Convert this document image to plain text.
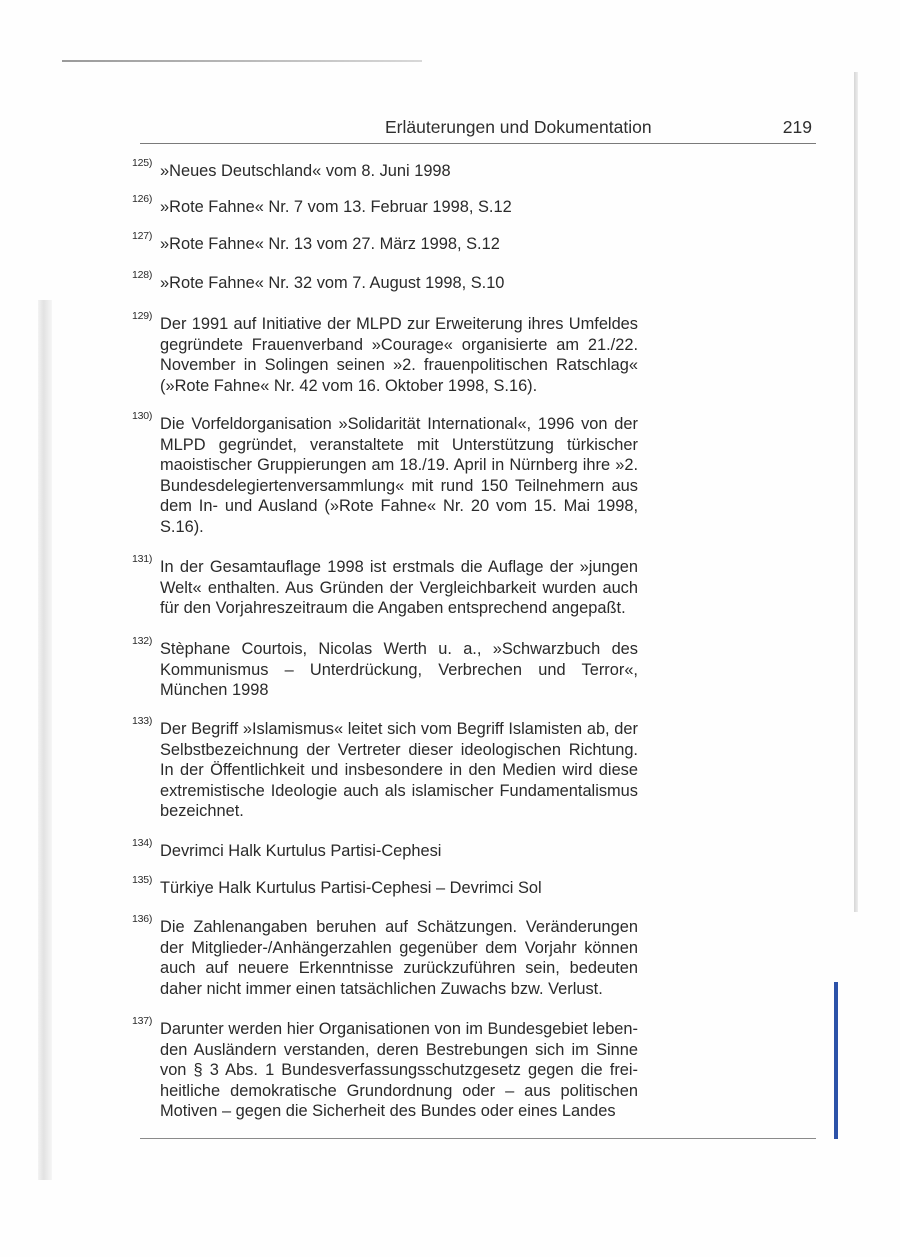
Erläuterungen und Dokumentation	219
125) »Neues Deutschland« vom 8. Juni 1998
126) »Rote Fahne« Nr. 7 vom 13. Februar 1998, S.12
127) »Rote Fahne« Nr. 13 vom 27. März 1998, S.12
128) »Rote Fahne« Nr. 32 vom 7. August 1998, S.10
129) Der 1991 auf Initiative der MLPD zur Erweiterung ihres Umfeldes gegründete Frauenverband »Courage« organisierte am 21./22. November in Solingen seinen »2. frauenpolitischen Ratschlag« (»Rote Fahne« Nr. 42 vom 16. Oktober 1998, S.16).
130) Die Vorfeldorganisation »Solidarität International«, 1996 von der MLPD gegründet, veranstaltete mit Unterstützung türkischer maoistischer Gruppierungen am 18./19. April in Nürnberg ihre »2. Bundesdelegiertenversammlung« mit rund 150 Teilnehmern aus dem In- und Ausland (»Rote Fahne« Nr. 20 vom 15. Mai 1998, S.16).
131) In der Gesamtauflage 1998 ist erstmals die Auflage der »jungen Welt« enthalten. Aus Gründen der Vergleichbarkeit wurden auch für den Vorjahreszeitraum die Angaben entsprechend angepaßt.
132) Stèphane Courtois, Nicolas Werth u. a., »Schwarzbuch des Kommunismus – Unterdrückung, Verbrechen und Terror«, München 1998
133) Der Begriff »Islamismus« leitet sich vom Begriff Islamisten ab, der Selbstbezeichnung der Vertreter dieser ideologischen Richtung. In der Öffentlichkeit und insbesondere in den Medien wird diese extremistische Ideologie auch als islamischer Fundamentalismus bezeichnet.
134) Devrimci Halk Kurtulus Partisi-Cephesi
135) Türkiye Halk Kurtulus Partisi-Cephesi – Devrimci Sol
136) Die Zahlenangaben beruhen auf Schätzungen. Veränderungen der Mitglieder-/Anhängerzahlen gegenüber dem Vorjahr können auch auf neuere Erkenntnisse zurückzuführen sein, bedeuten daher nicht immer einen tatsächlichen Zuwachs bzw. Verlust.
137) Darunter werden hier Organisationen von im Bundesgebiet leben-den Ausländern verstanden, deren Bestrebungen sich im Sinne von § 3 Abs. 1 Bundesverfassungsschutzgesetz gegen die frei-heitliche demokratische Grundordnung oder – aus politischen Motiven – gegen die Sicherheit des Bundes oder eines Landes
